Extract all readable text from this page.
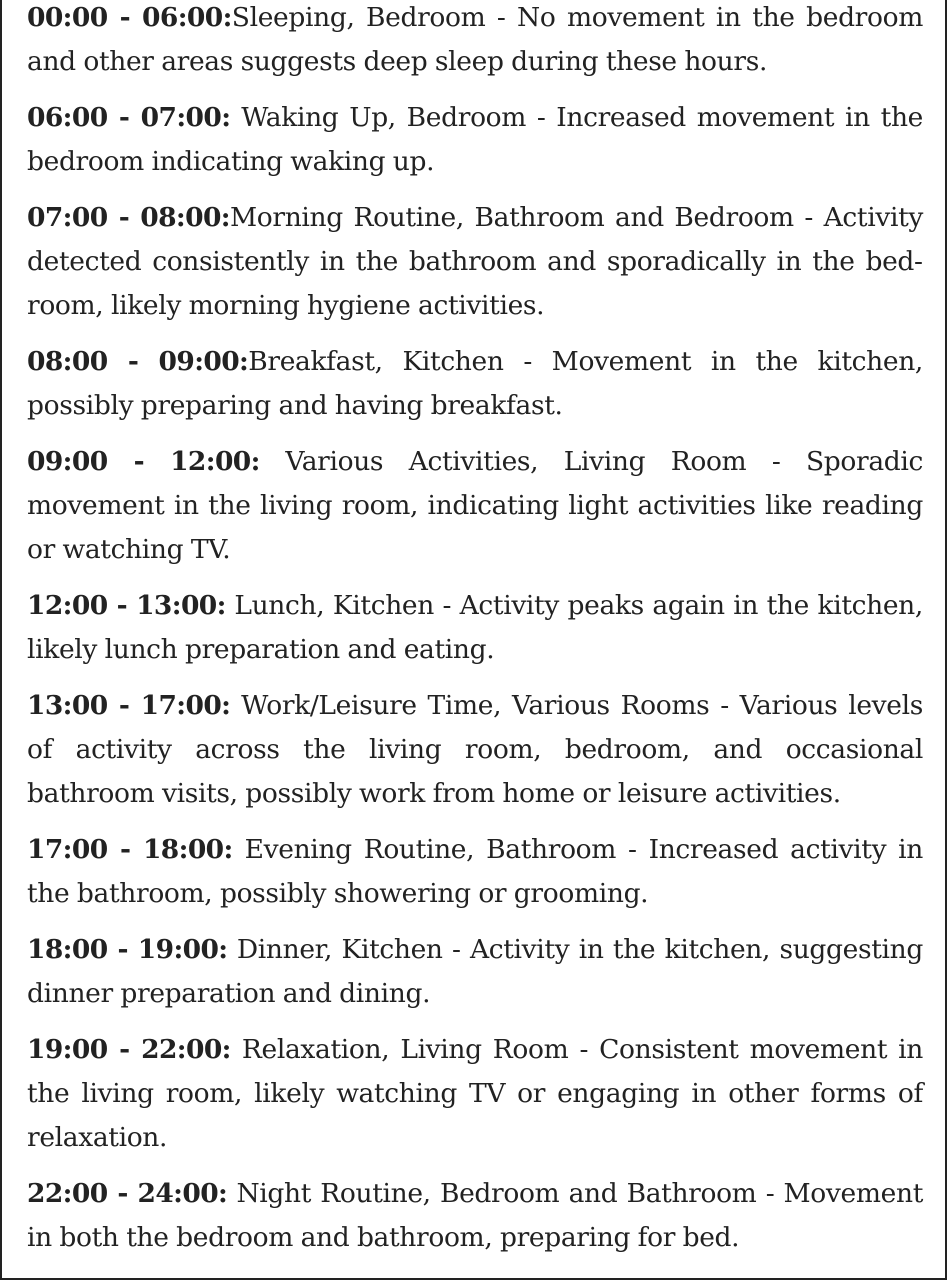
00:00 - 06:00:Sleeping, Bedroom - No movement in the bedroom and other areas suggests deep sleep during these hours.

06:00 - 07:00: Waking Up, Bedroom - Increased movement in the bedroom indicating waking up.

07:00 - 08:00:Morning Routine, Bathroom and Bedroom - Activity detected consistently in the bathroom and sporadically in the bedroom, likely morning hygiene activities.

08:00 - 09:00:Breakfast, Kitchen - Movement in the kitchen, possibly preparing and having breakfast.

09:00 - 12:00: Various Activities, Living Room - Sporadic movement in the living room, indicating light activities like reading or watching TV.

12:00 - 13:00: Lunch, Kitchen - Activity peaks again in the kitchen, likely lunch preparation and eating.

13:00 - 17:00: Work/Leisure Time, Various Rooms - Various levels of activity across the living room, bedroom, and occasional bathroom visits, possibly work from home or leisure activities.

17:00 - 18:00: Evening Routine, Bathroom - Increased activity in the bathroom, possibly showering or grooming.

18:00 - 19:00: Dinner, Kitchen - Activity in the kitchen, suggesting dinner preparation and dining.

19:00 - 22:00: Relaxation, Living Room - Consistent movement in the living room, likely watching TV or engaging in other forms of relaxation.

22:00 - 24:00: Night Routine, Bedroom and Bathroom - Movement in both the bedroom and bathroom, preparing for bed.
